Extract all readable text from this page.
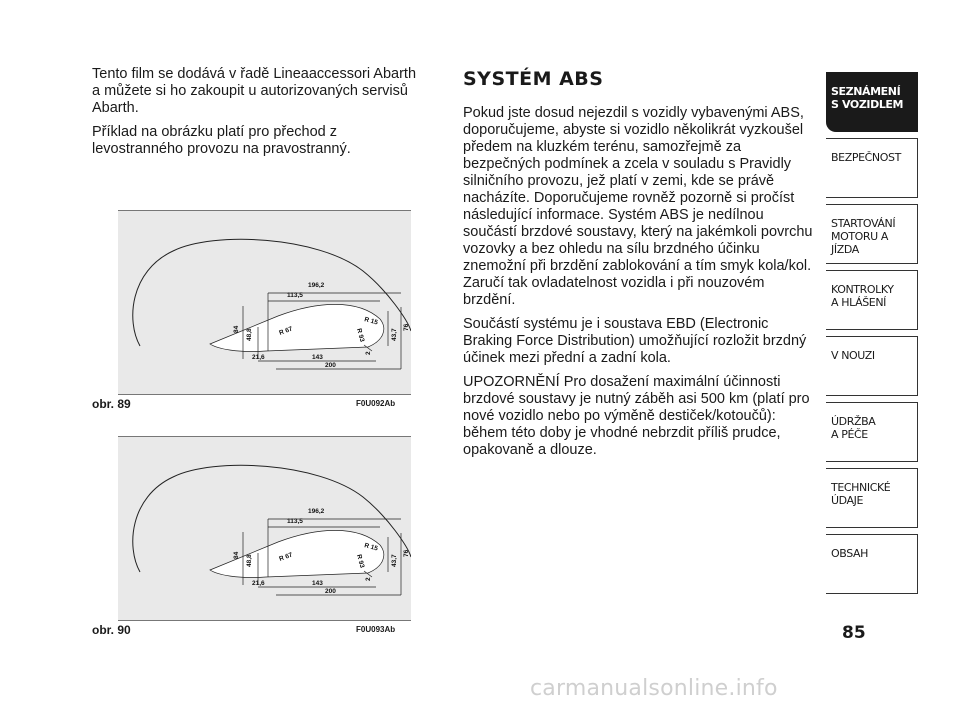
Tento film se dodává v řadě Lineaaccessori Abarth a můžete si ho zakoupit u autorizovaných servisů Abarth.

Příklad na obrázku platí pro přechod z levostranného provozu na pravostranný.

196,2
113,5
84 48,8	R 67
R 15
R 93	43,7
76
2
21,6	143
200
obr. 89	F0U092Ab
196,2
113,5
84 48,8	R 67
R 15
R 93	43,7
76
2
21,6	143
200
obr. 90	F0U093Ab
SYSTÉM ABS

Pokud jste dosud nejezdil s vozidly vybavenými ABS, doporučujeme, abyste si vozidlo několikrát vyzkoušel předem na kluzkém terénu, samozřejmě za bezpečných podmínek a zcela v souladu s Pravidly silničního provozu, jež platí v zemi, kde se právě nacházíte. Doporučujeme rovněž pozorně si pročíst následující informace. Systém ABS je nedílnou součástí brzdové soustavy, který na jakémkoli povrchu vozovky a bez ohledu na sílu brzdného účinku znemožní při brzdění zablokování a tím smyk kola/kol. Zaručí tak ovladatelnost vozidla i při nouzovém brzdění.

Součástí systému je i soustava EBD (Electronic Braking Force Distribution) umožňující rozložit brzdný účinek mezi přední a zadní kola.

UPOZORNĚNÍ Pro dosažení maximální účinnosti brzdové soustavy je nutný záběh asi 500 km (platí pro nové vozidlo nebo po výměně destiček/kotoučů): během této doby je vhodné nebrzdit příliš prudce, opakovaně a dlouze.

SEZNÁMENÍ
S VOZIDLEM
BEZPEČNOST
STARTOVÁNÍ
MOTORU A JÍZDA
KONTROLKY
A HLÁŠENÍ
V NOUZI
ÚDRŽBA
A PÉČE
TECHNICKÉ
ÚDAJE
OBSAH
85
carmanualsonline.info
